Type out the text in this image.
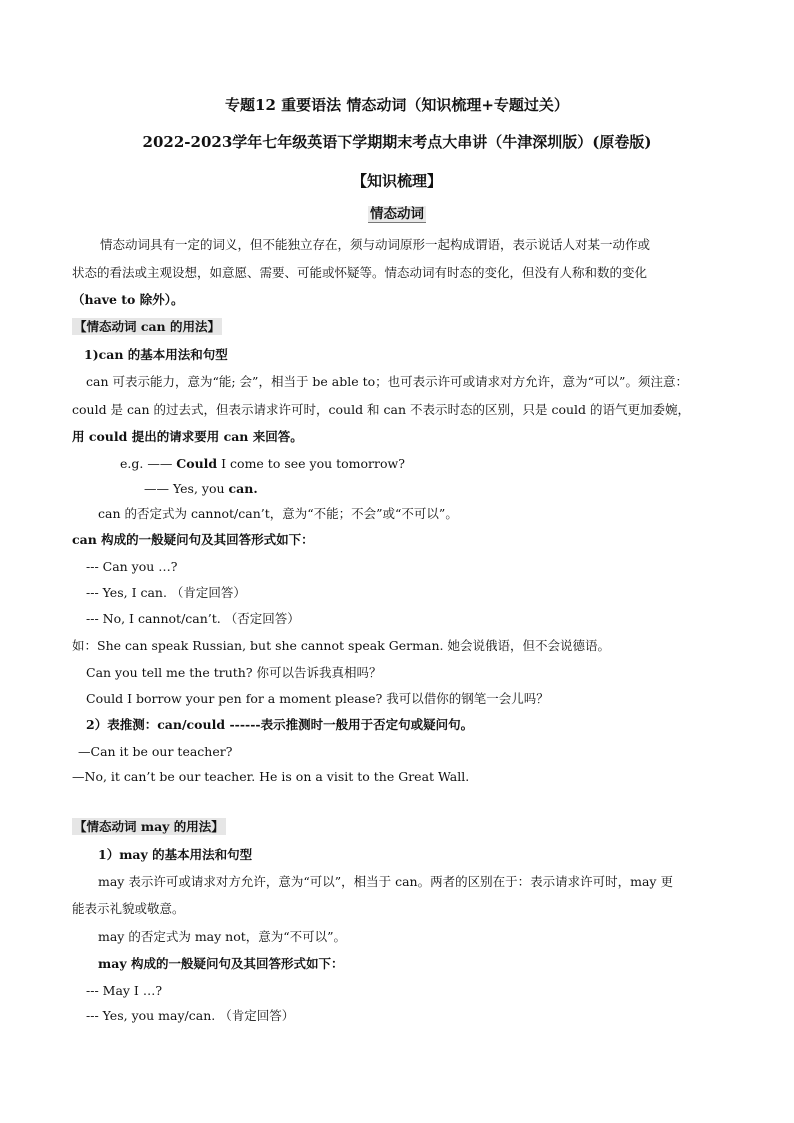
专题12 重要语法 情态动词（知识梳理+专题过关）
2022-2023学年七年级英语下学期期末考点大串讲（牛津深圳版）(原卷版)
【知识梳理】
情态动词
情态动词具有一定的词义，但不能独立存在，须与动词原形一起构成谓语，表示说话人对某一动作或
状态的看法或主观设想，如意愿、需要、可能或怀疑等。情态动词有时态的变化，但没有人称和数的变化
（have to 除外）。
【情态动词 can 的用法】
1)can 的基本用法和句型
can 可表示能力，意为“能; 会”，相当于 be able to；也可表示许可或请求对方允许，意为“可以”。须注意：
could 是 can 的过去式，但表示请求许可时，could 和 can 不表示时态的区别，只是 could 的语气更加委婉，
用 could 提出的请求要用 can 来回答。
e.g. —— Could I come to see you tomorrow?
—— Yes, you can.
can 的否定式为 cannot/can’t，意为“不能；不会”或“不可以”。
can 构成的一般疑问句及其回答形式如下：
--- Can you …?
--- Yes, I can. （肯定回答）
--- No, I cannot/can’t. （否定回答）
如：She can speak Russian, but she cannot speak German. 她会说俄语，但不会说德语。
Can you tell me the truth? 你可以告诉我真相吗？
Could I borrow your pen for a moment please? 我可以借你的钢笔一会儿吗？
2）表推测：can/could ------表示推测时一般用于否定句或疑问句。
—Can it be our teacher?
—No, it can’t be our teacher. He is on a visit to the Great Wall.
【情态动词 may 的用法】
1）may 的基本用法和句型
may 表示许可或请求对方允许，意为“可以”，相当于 can。两者的区别在于：表示请求许可时，may 更
能表示礼貌或敬意。
may 的否定式为 may not，意为“不可以”。
may 构成的一般疑问句及其回答形式如下：
--- May I …?
--- Yes, you may/can. （肯定回答）
